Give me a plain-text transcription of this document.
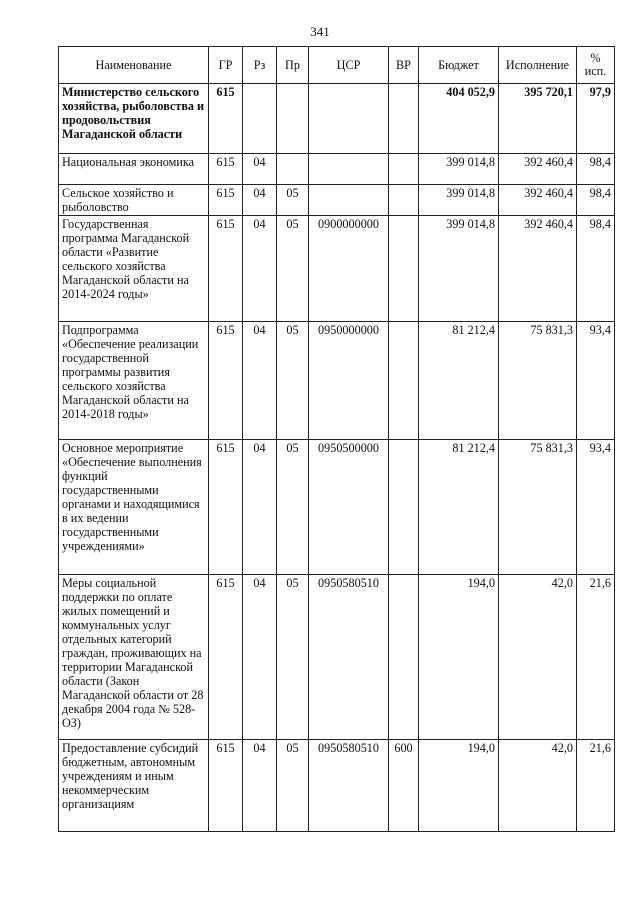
341
Наименование	ГР	Рз	Пр	ЦСР	ВР	Бюджет	Исполнение	%
исп.
Министерство сельского хозяйства, рыболовства и продовольствия Магаданской области	615					404 052,9	395 720,1	97,9
Национальная экономика	615	04				399 014,8	392 460,4	98,4
Сельское хозяйство и рыболовство	615	04	05			399 014,8	392 460,4	98,4
Государственная программа Магаданской области «Развитие сельского хозяйства Магаданской области на 2014-2024 годы»	615	04	05	0900000000		399 014,8	392 460,4	98,4
Подпрограмма «Обеспечение реализации государственной программы развития сельского хозяйства Магаданской области на 2014-2018 годы»	615	04	05	0950000000		81 212,4	75 831,3	93,4
Основное мероприятие «Обеспечение выполнения функций государственными органами и находящимися в их ведении государственными учреждениями»	615	04	05	0950500000		81 212,4	75 831,3	93,4
Меры социальной поддержки по оплате жилых помещений и коммунальных услуг отдельных категорий граждан, проживающих на территории Магаданской области (Закон Магаданской области от 28 декабря 2004 года № 528-ОЗ)	615	04	05	0950580510		194,0	42,0	21,6
Предоставление субсидий бюджетным, автономным учреждениям и иным некоммерческим организациям	615	04	05	0950580510	600	194,0	42,0	21,6
